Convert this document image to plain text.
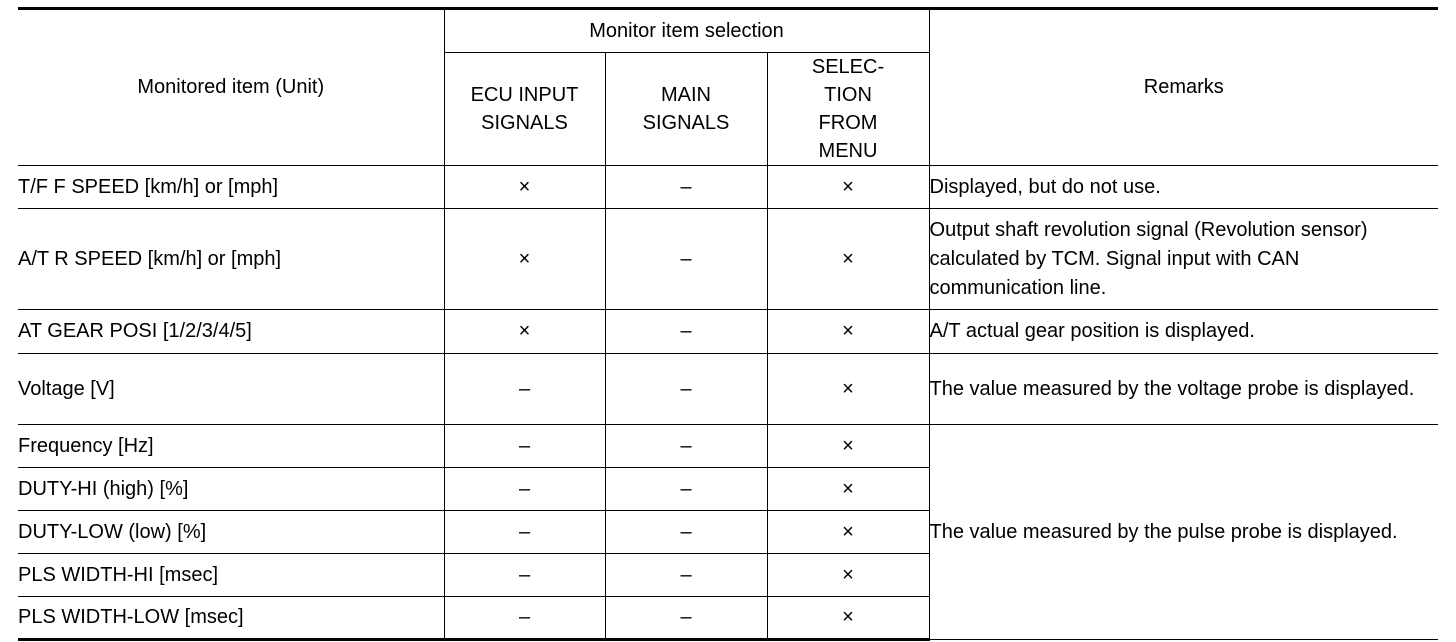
Monitored item (Unit)	Monitor item selection			Remarks
	ECU INPUT SIGNALS	MAIN SIGNALS	SELEC- TION FROM MENU	
T/F F SPEED [km/h] or [mph]	×	–	×	Displayed, but do not use.
A/T R SPEED [km/h] or [mph]	×	–	×	Output shaft revolution signal (Revolution sensor) calculated by TCM. Signal input with CAN communication line.
AT GEAR POSI [1/2/3/4/5]	×	–	×	A/T actual gear position is displayed.
Voltage [V]	–	–	×	The value measured by the voltage probe is displayed.
Frequency [Hz]	–	–	×	The value measured by the pulse probe is displayed.
DUTY-HI (high) [%]	–	–	×	
DUTY-LOW (low) [%]	–	–	×	
PLS WIDTH-HI [msec]	–	–	×	
PLS WIDTH-LOW [msec]	–	–	×	
